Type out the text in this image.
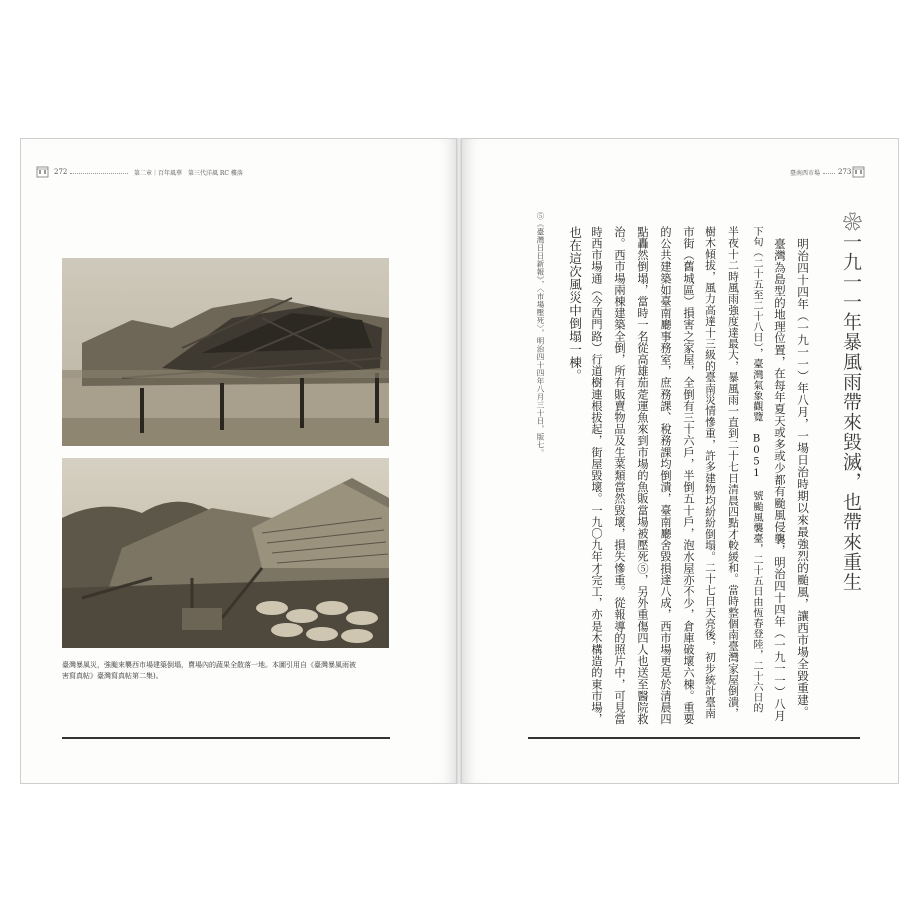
272	第二章｜百年風華　第三代洋風 RC 樓落	臺南西市場	273
臺灣暴風災，強颱來襲西市場建築倒塌，賣場內的蔬果全散落一地。本圖引用自《臺灣暴風雨被
害寫真帖》臺灣寫真帖第二集)。
❀一九一一年暴風雨帶來毀滅，也帶來重生
　明治四十四年（一九一一）年八月，一場日治時期以來最強烈的颱風，讓西市場全毀重建。
　臺灣為島型的地理位置，在每年夏天或多或少都有颱風侵襲，明治四十四年（一九一一）八月
下旬（二十五至二十八日），臺灣氣象觀覽 B051 號颱風襲臺，二十五日由恆春登陸，二十六日的
半夜十二時風雨強度達最大，暴風雨一直到二十七日清晨四點才較緩和。當時整個南臺灣家屋倒潰，
樹木傾拔，風力高達十三級的臺南災情慘重，許多建物均紛紛倒塌。二十七日天亮後，初步統計臺南
市街（舊城區）損害之家屋，全倒有三十六戶，半倒五十戶，泡水屋亦不少，倉庫破壞六棟。重要
的公共建築如臺南廳事務室，庶務課、稅務課均倒潰，臺南廳舍毀損達八成，西市場更是於清晨四
點轟然倒塌，當時一名從高雄茄萣運魚來到市場的魚販當場被壓死⑤，另外重傷四人也送至醫院救
治。西市場兩棟建築全倒，所有販賣物品及生菜類當然毀壞，損失慘重。從報導的照片中，可見當
時西市場通（今西門路）行道樹連根拔起，街屋毀壞。一九〇九年才完工，亦是木構造的東市場，
也在這次風災中倒塌一棟。
⑤《臺灣日日新報》，〈市場壓死〉，明治四十四年八月三十日，版七。
